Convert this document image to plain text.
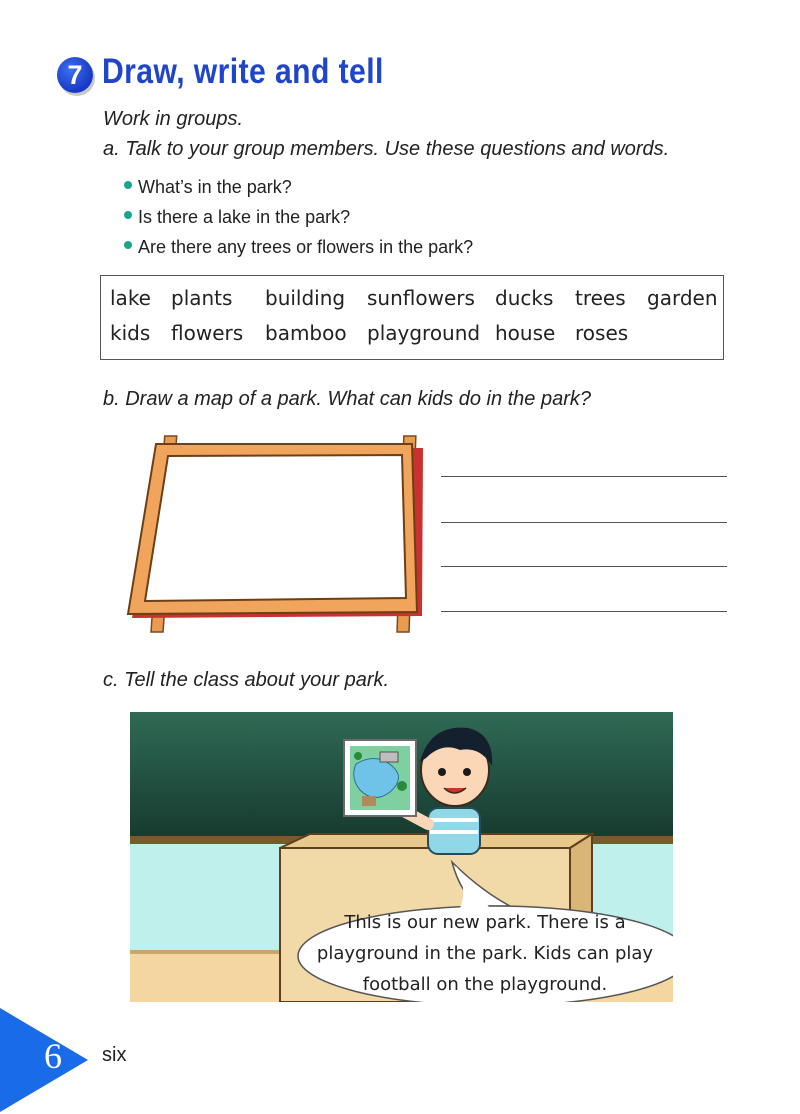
7 Draw, write and tell
Work in groups.
a. Talk to your group members. Use these questions and words.
What’s in the park?
Is there a lake in the park?
Are there any trees or flowers in the park?
lake plants building sunflowers ducks trees garden
kids flowers bamboo playground house roses
b. Draw a map of a park. What can kids do in the park?
c. Tell the class about your park.
This is our new park. There is a
playground in the park. Kids can play
football on the playground.
6 six
